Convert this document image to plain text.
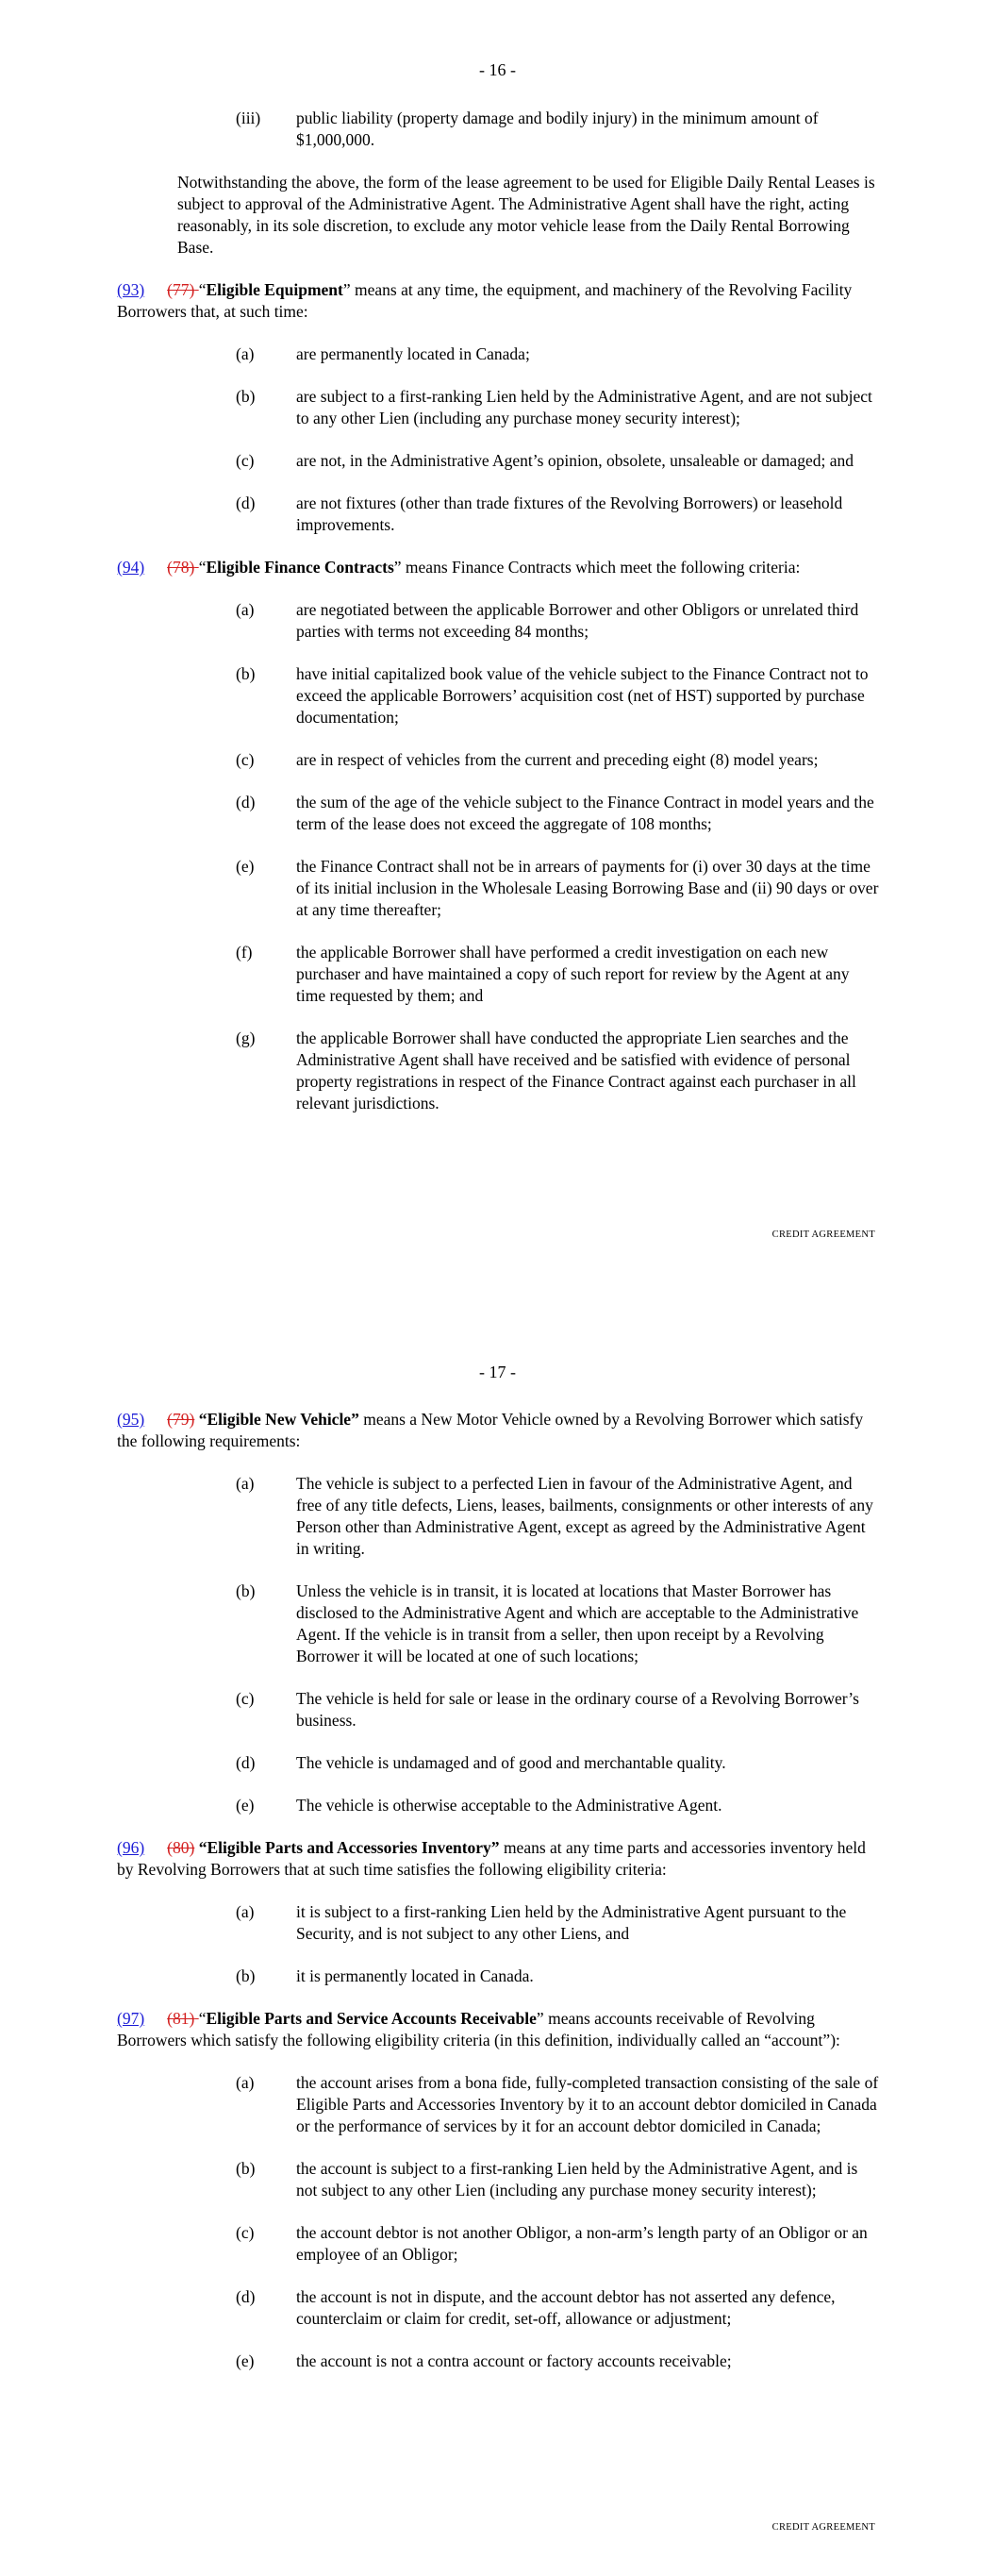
- 16 -
(iii)	public liability (property damage and bodily injury) in the minimum amount of $1,000,000.
Notwithstanding the above, the form of the lease agreement to be used for Eligible Daily Rental Leases is subject to approval of the Administrative Agent. The Administrative Agent shall have the right, acting reasonably, in its sole discretion, to exclude any motor vehicle lease from the Daily Rental Borrowing Base.
(93) (77) “Eligible Equipment” means at any time, the equipment, and machinery of the Revolving Facility Borrowers that, at such time:
(a)	are permanently located in Canada;
(b)	are subject to a first-ranking Lien held by the Administrative Agent, and are not subject to any other Lien (including any purchase money security interest);
(c)	are not, in the Administrative Agent’s opinion, obsolete, unsaleable or damaged; and
(d)	are not fixtures (other than trade fixtures of the Revolving Borrowers) or leasehold improvements.
(94) (78) “Eligible Finance Contracts” means Finance Contracts which meet the following criteria:
(a)	are negotiated between the applicable Borrower and other Obligors or unrelated third parties with terms not exceeding 84 months;
(b)	have initial capitalized book value of the vehicle subject to the Finance Contract not to exceed the applicable Borrowers’ acquisition cost (net of HST) supported by purchase documentation;
(c)	are in respect of vehicles from the current and preceding eight (8) model years;
(d)	the sum of the age of the vehicle subject to the Finance Contract in model years and the term of the lease does not exceed the aggregate of 108 months;
(e)	the Finance Contract shall not be in arrears of payments for (i) over 30 days at the time of its initial inclusion in the Wholesale Leasing Borrowing Base and (ii) 90 days or over at any time thereafter;
(f)	the applicable Borrower shall have performed a credit investigation on each new purchaser and have maintained a copy of such report for review by the Agent at any time requested by them; and
(g)	the applicable Borrower shall have conducted the appropriate Lien searches and the Administrative Agent shall have received and be satisfied with evidence of personal property registrations in respect of the Finance Contract against each purchaser in all relevant jurisdictions.
CREDIT AGREEMENT
- 17 -
(95) (79) “Eligible New Vehicle” means a New Motor Vehicle owned by a Revolving Borrower which satisfy the following requirements:
(a)	The vehicle is subject to a perfected Lien in favour of the Administrative Agent, and free of any title defects, Liens, leases, bailments, consignments or other interests of any Person other than Administrative Agent, except as agreed by the Administrative Agent in writing.
(b)	Unless the vehicle is in transit, it is located at locations that Master Borrower has disclosed to the Administrative Agent and which are acceptable to the Administrative Agent. If the vehicle is in transit from a seller, then upon receipt by a Revolving Borrower it will be located at one of such locations;
(c)	The vehicle is held for sale or lease in the ordinary course of a Revolving Borrower’s business.
(d)	The vehicle is undamaged and of good and merchantable quality.
(e)	The vehicle is otherwise acceptable to the Administrative Agent.
(96) (80) “Eligible Parts and Accessories Inventory” means at any time parts and accessories inventory held by Revolving Borrowers that at such time satisfies the following eligibility criteria:
(a)	it is subject to a first-ranking Lien held by the Administrative Agent pursuant to the Security, and is not subject to any other Liens, and
(b)	it is permanently located in Canada.
(97) (81) “Eligible Parts and Service Accounts Receivable” means accounts receivable of Revolving Borrowers which satisfy the following eligibility criteria (in this definition, individually called an “account”):
(a)	the account arises from a bona fide, fully-completed transaction consisting of the sale of Eligible Parts and Accessories Inventory by it to an account debtor domiciled in Canada or the performance of services by it for an account debtor domiciled in Canada;
(b)	the account is subject to a first-ranking Lien held by the Administrative Agent, and is not subject to any other Lien (including any purchase money security interest);
(c)	the account debtor is not another Obligor, a non-arm’s length party of an Obligor or an employee of an Obligor;
(d)	the account is not in dispute, and the account debtor has not asserted any defence, counterclaim or claim for credit, set-off, allowance or adjustment;
(e)	the account is not a contra account or factory accounts receivable;
CREDIT AGREEMENT
